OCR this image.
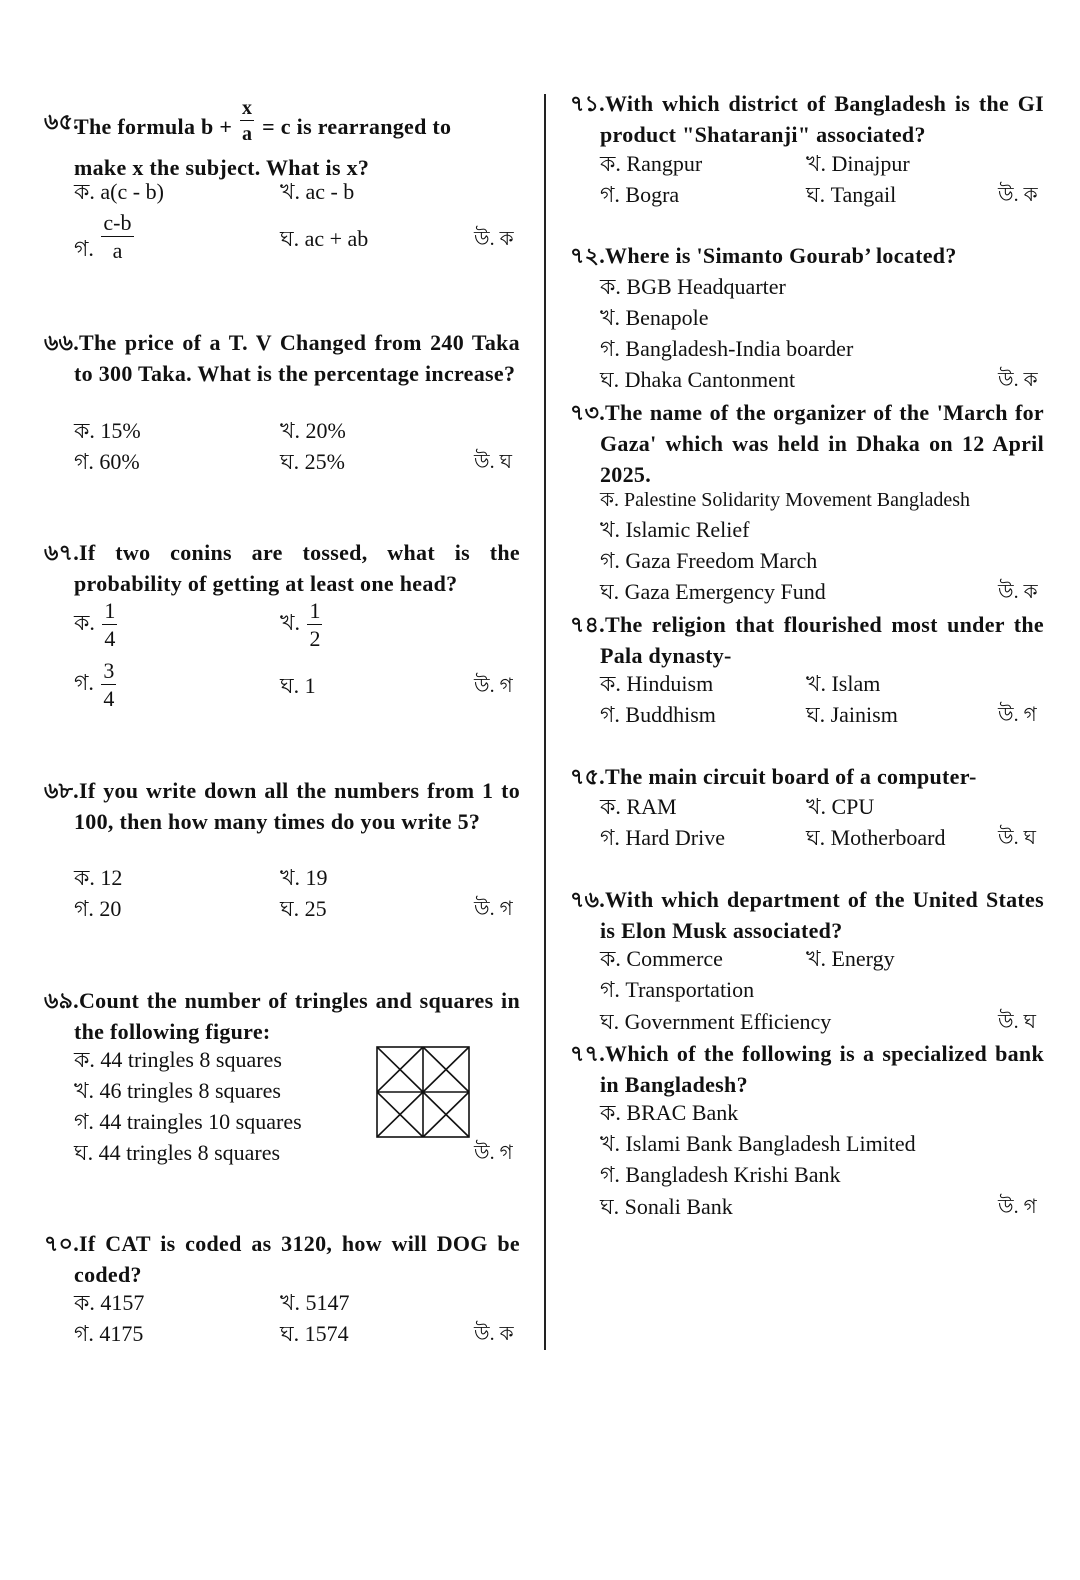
৬৫.
The formula $b + \frac{x}{a} = c$ is rearranged to
make x the subject. What is x?
ক. a(c - b)	খ. ac - b
গ. $\frac{c-b}{a}$	ঘ. ac + ab	উ. ক
৬৬.The price of a T. V Changed from 240 Taka to 300 Taka. What is the percentage increase?
ক. 15%	খ. 20%
গ. 60%	ঘ. 25%	উ. ঘ
৬৭.If two conins are tossed, what is the probability of getting at least one head?
ক. $\frac{1}{4}$	খ. $\frac{1}{2}$
গ. $\frac{3}{4}$	ঘ. 1	উ. গ
৬৮.If you write down all the numbers from 1 to 100, then how many times do you write 5?
ক. 12	খ. 19
গ. 20	ঘ. 25	উ. গ
৬৯.Count the number of tringles and squares in the following figure:
ক. 44 tringles 8 squares
খ. 46 tringles 8 squares
গ. 44 traingles 10 squares
ঘ. 44 tringles 8 squares	উ. গ
৭০.If CAT is coded as 3120, how will DOG be coded?
ক. 4157	খ. 5147
গ. 4175	ঘ. 1574	উ. ক
৭১.With which district of Bangladesh is the GI product "Shataranji" associated?
ক. Rangpur	খ. Dinajpur
গ. Bogra	ঘ. Tangail	উ. ক
৭২.Where is 'Simanto Gourab’ located?
ক. BGB Headquarter
খ. Benapole
গ. Bangladesh-India boarder
ঘ. Dhaka Cantonment	উ. ক
৭৩.The name of the organizer of the 'March for Gaza' which was held in Dhaka on 12 April 2025.
ক. Palestine Solidarity Movement Bangladesh
খ. Islamic Relief
গ. Gaza Freedom March
ঘ. Gaza Emergency Fund	উ. ক
৭৪.The religion that flourished most under the Pala dynasty-
ক. Hinduism	খ. Islam
গ. Buddhism	ঘ. Jainism	উ. গ
৭৫.The main circuit board of a computer-
ক. RAM	খ. CPU
গ. Hard Drive	ঘ. Motherboard	উ. ঘ
৭৬.With which department of the United States is Elon Musk associated?
ক. Commerce	খ. Energy
গ. Transportation
ঘ. Government Efficiency	উ. ঘ
৭৭.Which of the following is a specialized bank in Bangladesh?
ক. BRAC Bank
খ. Islami Bank Bangladesh Limited
গ. Bangladesh Krishi Bank
ঘ. Sonali Bank	উ. গ
